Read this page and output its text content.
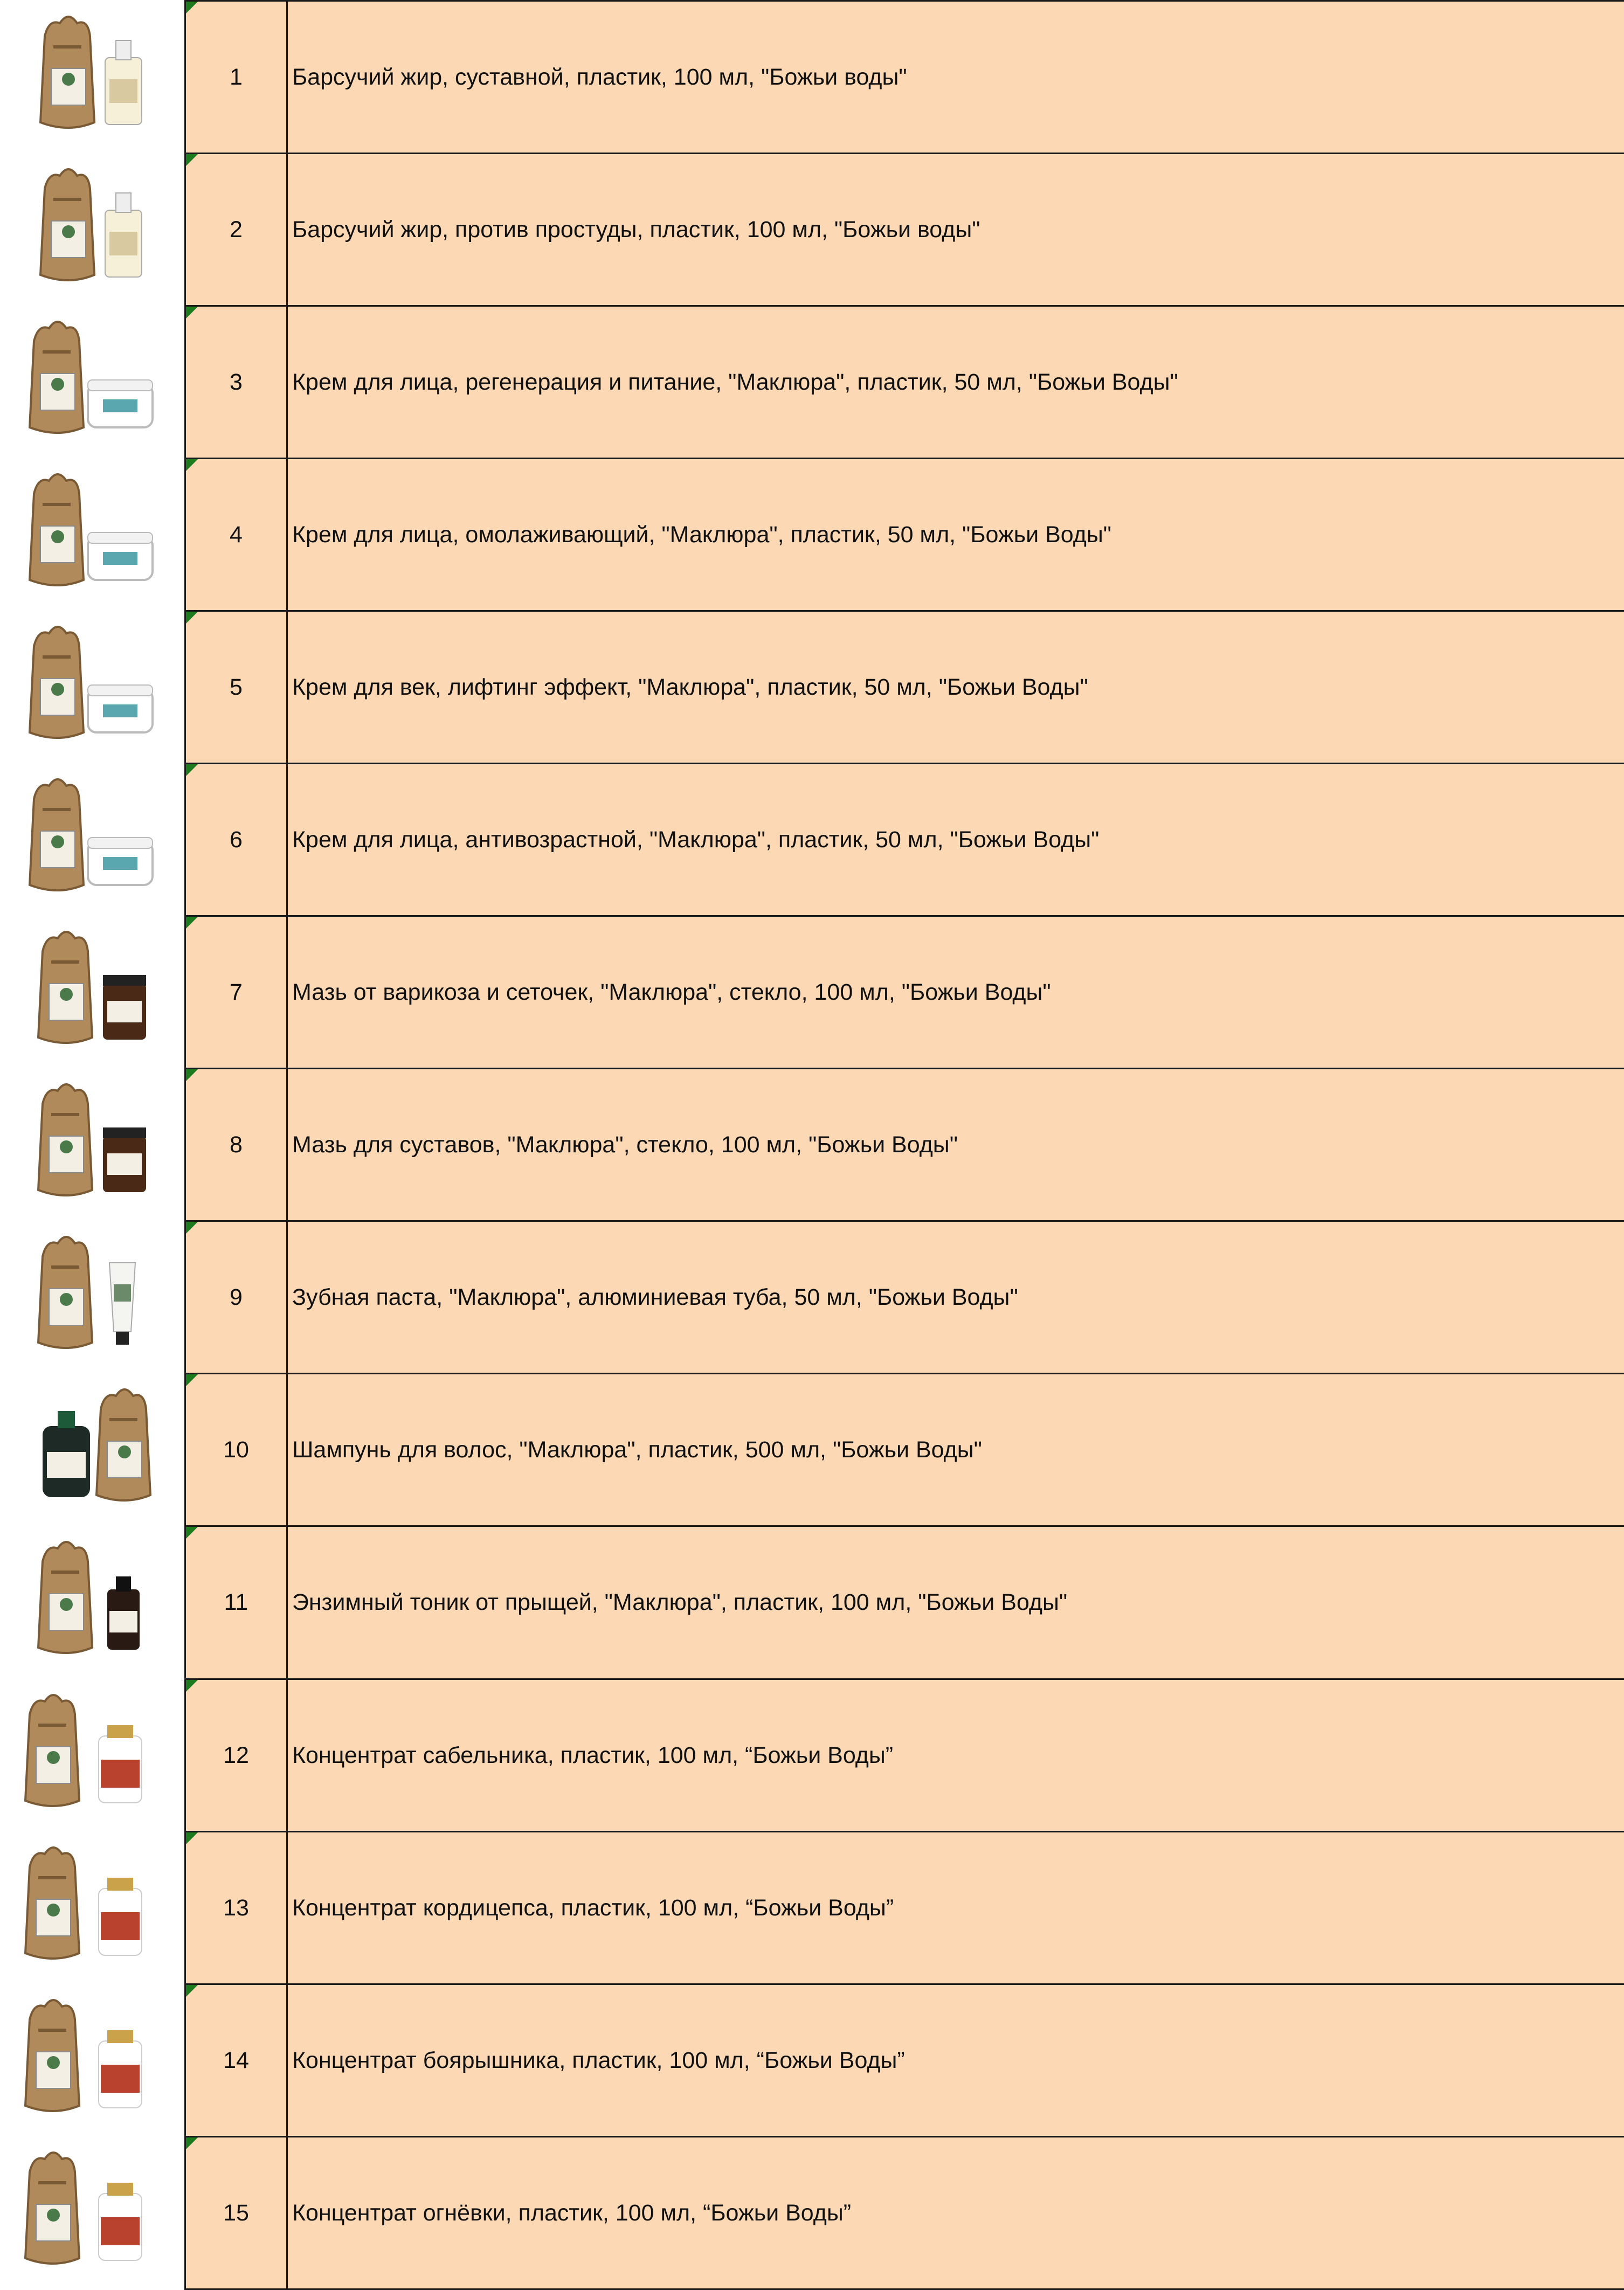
1	Барсучий жир, суставной, пластик, 100 мл, "Божьи воды"
2	Барсучий жир, против простуды, пластик, 100 мл, "Божьи воды"
3	Крем для лица, регенерация и питание, "Маклюра", пластик, 50 мл, "Божьи Воды"
4	Крем для лица, омолаживающий, "Маклюра", пластик, 50 мл, "Божьи Воды"
5	Крем для век, лифтинг эффект, "Маклюра", пластик, 50 мл, "Божьи Воды"
6	Крем для лица, антивозрастной, "Маклюра", пластик, 50 мл, "Божьи Воды"
7	Мазь от варикоза и сеточек, "Маклюра", стекло, 100 мл, "Божьи Воды"
8	Мазь для суставов, "Маклюра", стекло, 100 мл, "Божьи Воды"
9	Зубная паста, "Маклюра", алюминиевая туба, 50 мл, "Божьи Воды"
10	Шампунь для волос, "Маклюра", пластик, 500 мл, "Божьи Воды"
11	Энзимный тоник от прыщей, "Маклюра", пластик, 100 мл, "Божьи Воды"
12	Концентрат сабельника, пластик, 100 мл, “Божьи Воды”
13	Концентрат кордицепса, пластик, 100 мл, “Божьи Воды”
14	Концентрат боярышника, пластик, 100 мл, “Божьи Воды”
15	Концентрат огнёвки, пластик, 100 мл, “Божьи Воды”
